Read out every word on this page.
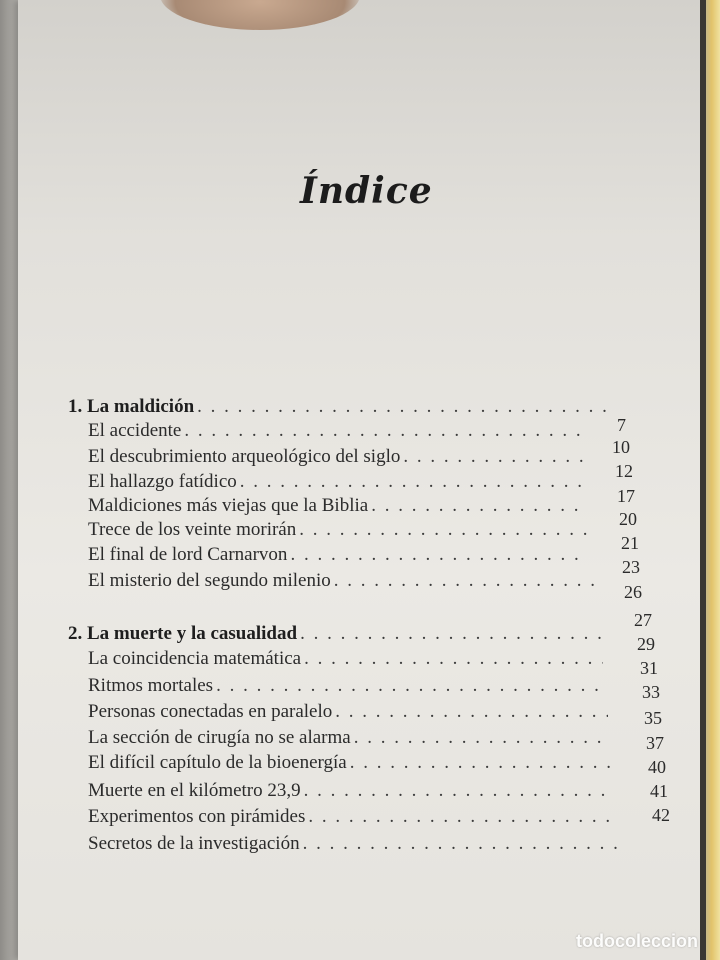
Índice
1. La maldición
. . .
El accidente
. . .
El descubrimiento arqueológico del siglo
. . .
El hallazgo fatídico
. . .
Maldiciones más viejas que la Biblia
. . .
Trece de los veinte morirán
. . .
El final de lord Carnarvon
. . .
El misterio del segundo milenio
. . .
7
10
12
17
20
21
23
26
2. La muerte y la casualidad
. . .
La coincidencia matemática
. . .
Ritmos mortales
. . .
Personas conectadas en paralelo
. . .
La sección de cirugía no se alarma
. . .
El difícil capítulo de la bioenergía
. . .
Muerte en el kilómetro 23,9
. . .
Experimentos con pirámides
. . .
Secretos de la investigación
. . .
27
29
31
33
35
37
40
41
42
todocoleccion
